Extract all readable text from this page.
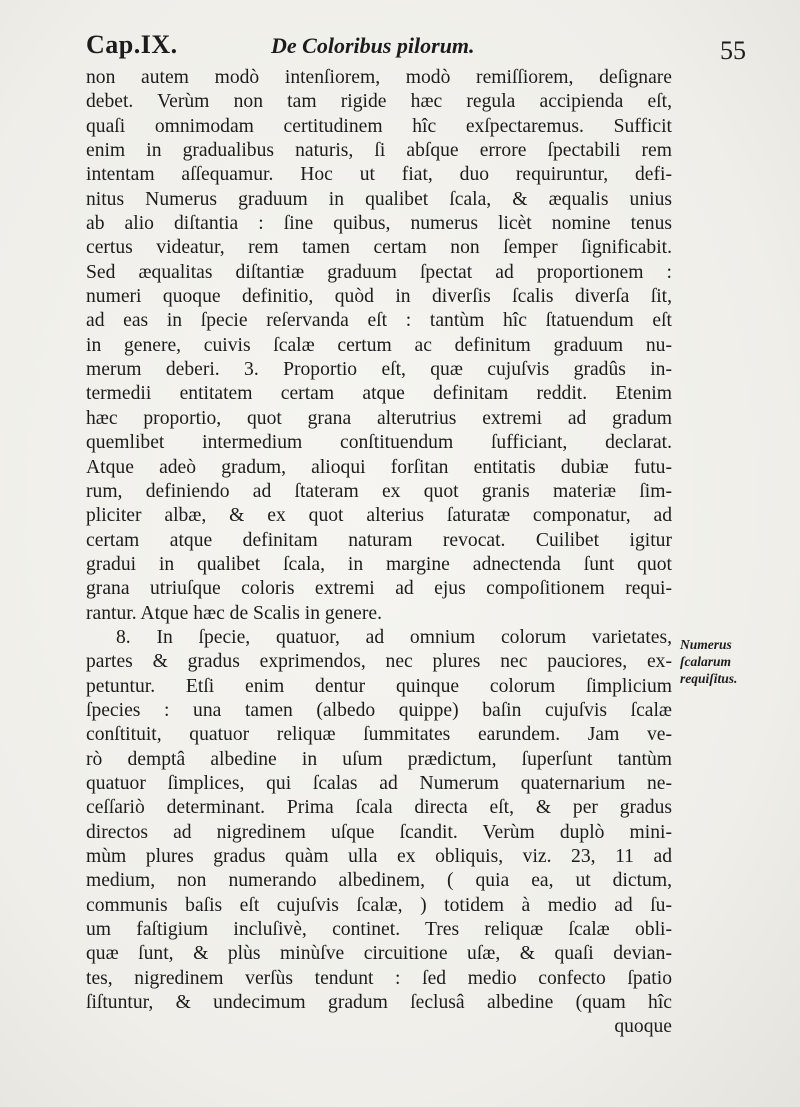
Cap.IX.	De Coloribus pilorum.	55
non autem modò intenſiorem, modò remiſſiorem, deſignare
debet. Verùm non tam rigide hæc regula accipienda eſt,
quaſi omnimodam certitudinem hîc exſpectaremus. Sufficit
enim in gradualibus naturis, ſi abſque errore ſpectabili rem
intentam aſſequamur. Hoc ut fiat, duo requiruntur, defi-
nitus Numerus graduum in qualibet ſcala, & æqualis unius
ab alio diſtantia : ſine quibus, numerus licèt nomine tenus
certus videatur, rem tamen certam non ſemper ſignificabit.
Sed æqualitas diſtantiæ graduum ſpectat ad proportionem :
numeri quoque definitio, quòd in diverſis ſcalis diverſa ſit,
ad eas in ſpecie reſervanda eſt : tantùm hîc ſtatuendum eſt
in genere, cuivis ſcalæ certum ac definitum graduum nu-
merum deberi. 3. Proportio eſt, quæ cujuſvis gradûs in-
termedii entitatem certam atque definitam reddit. Etenim
hæc proportio, quot grana alterutrius extremi ad gradum
quemlibet intermedium conſtituendum ſufficiant, declarat.
Atque adeò gradum, alioqui forſitan entitatis dubiæ futu-
rum, definiendo ad ſtateram ex quot granis materiæ ſim-
pliciter albæ, & ex quot alterius ſaturatæ componatur, ad
certam atque definitam naturam revocat. Cuilibet igitur
gradui in qualibet ſcala, in margine adnectenda ſunt quot
grana utriuſque coloris extremi ad ejus compoſitionem requi-
rantur. Atque hæc de Scalis in genere.
8. In ſpecie, quatuor, ad omnium colorum varietates,
partes & gradus exprimendos, nec plures nec pauciores, ex-
petuntur. Etſi enim dentur quinque colorum ſimplicium
ſpecies : una tamen (albedo quippe) baſin cujuſvis ſcalæ
conſtituit, quatuor reliquæ ſummitates earundem. Jam ve-
rò demptâ albedine in uſum prædictum, ſuperſunt tantùm
quatuor ſimplices, qui ſcalas ad Numerum quaternarium ne-
ceſſariò determinant. Prima ſcala directa eſt, & per gradus
directos ad nigredinem uſque ſcandit. Verùm duplò mini-
mùm plures gradus quàm ulla ex obliquis, viz. 23, 11 ad
medium, non numerando albedinem, ( quia ea, ut dictum,
communis baſis eſt cujuſvis ſcalæ, ) totidem à medio ad ſu-
um faſtigium incluſivè, continet. Tres reliquæ ſcalæ obli-
quæ ſunt, & plùs minùſve circuitione uſæ, & quaſi devian-
tes, nigredinem verſùs tendunt : ſed medio confecto ſpatio
ſiſtuntur, & undecimum gradum ſeclusâ albedine (quam hîc
quoque
Numerus
ſcalarum
requiſitus.
